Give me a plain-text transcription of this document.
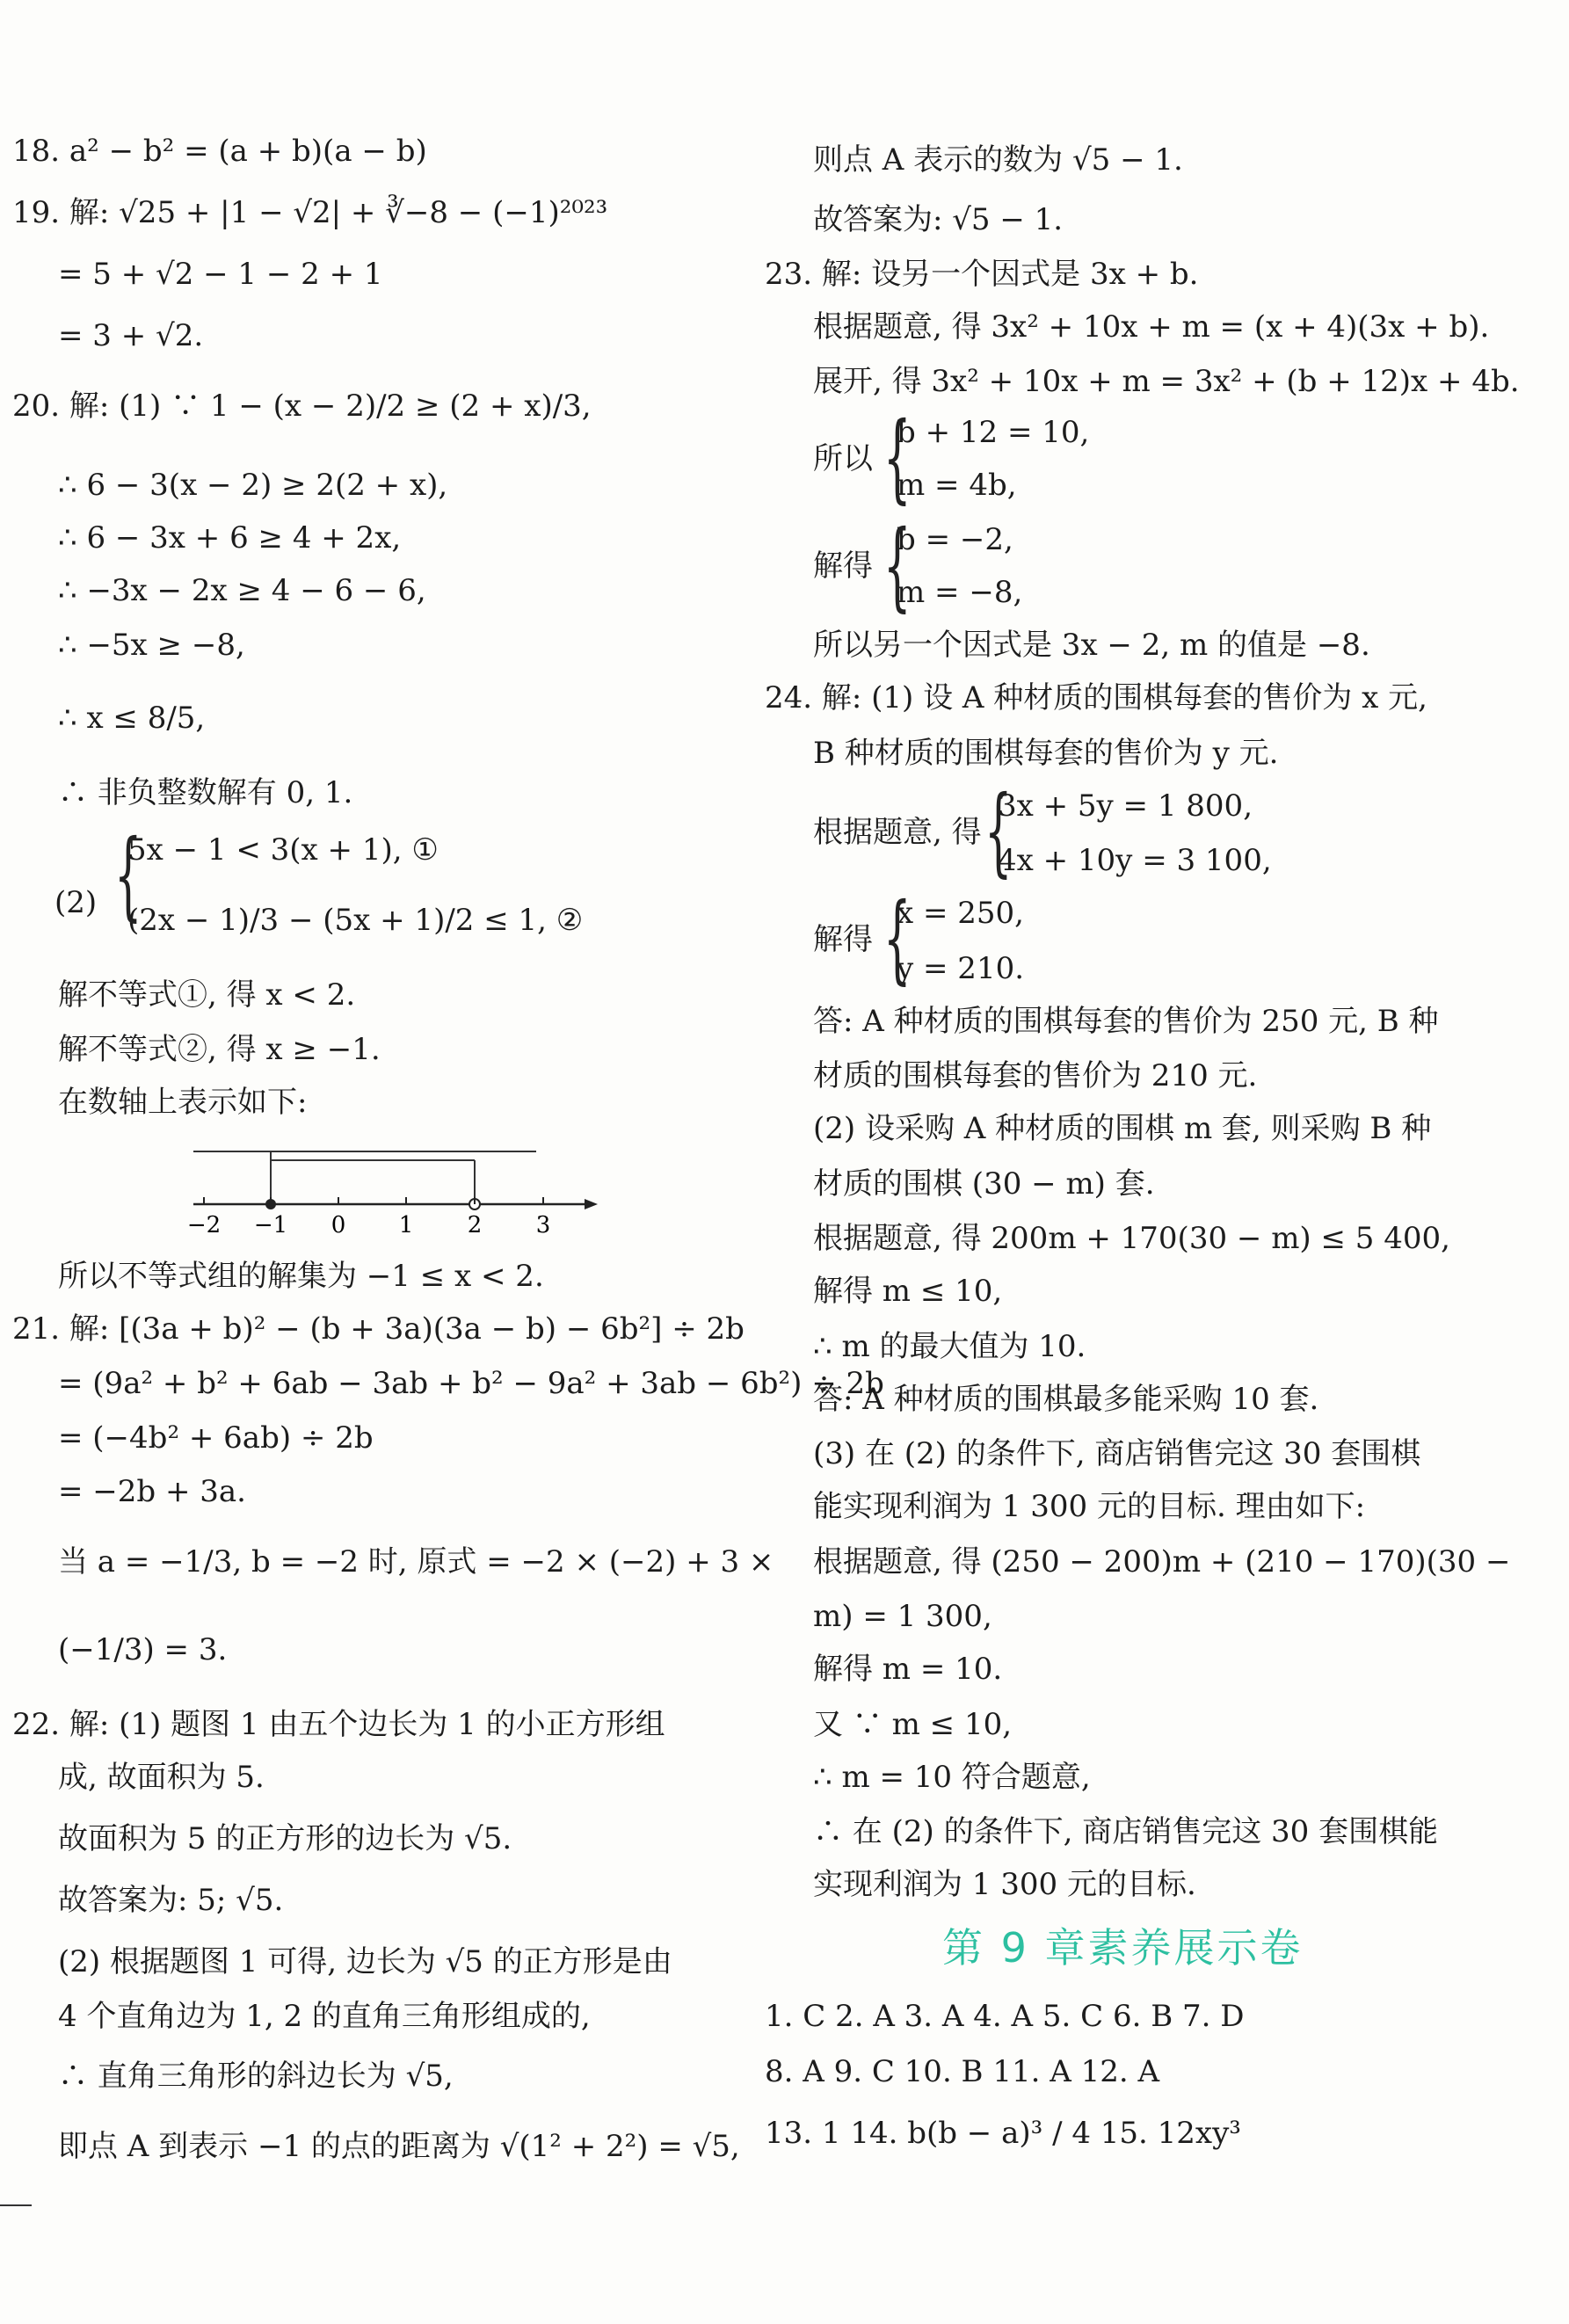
18. a² − b² = (a + b)(a − b)
19. 解: √25 + |1 − √2| + ∛−8 − (−1)²⁰²³
= 5 + √2 − 1 − 2 + 1
= 3 + √2.
20. 解: (1) ∵ 1 − (x − 2)/2 ≥ (2 + x)/3,
∴ 6 − 3(x − 2) ≥ 2(2 + x),
∴ 6 − 3x + 6 ≥ 4 + 2x,
∴ −3x − 2x ≥ 4 − 6 − 6,
∴ −5x ≥ −8,
∴ x ≤ 8/5,
∴ 非负整数解有 0, 1.
5x − 1 < 3(x + 1), ①
(2) (2x − 1)/3 − (5x + 1)/2 ≤ 1, ②
解不等式①, 得 x < 2.
解不等式②, 得 x ≥ −1.
在数轴上表示如下:
所以不等式组的解集为 −1 ≤ x < 2.
21. 解: [(3a + b)² − (b + 3a)(3a − b) − 6b²] ÷ 2b
= (9a² + b² + 6ab − 3ab + b² − 9a² + 3ab − 6b²) ÷ 2b
= (−4b² + 6ab) ÷ 2b
= −2b + 3a.
当 a = −1/3, b = −2 时, 原式 = −2 × (−2) + 3 ×
(−1/3) = 3.
22. 解: (1) 题图 1 由五个边长为 1 的小正方形组
成, 故面积为 5.
故面积为 5 的正方形的边长为 √5.
故答案为: 5; √5.
(2) 根据题图 1 可得, 边长为 √5 的正方形是由
4 个直角边为 1, 2 的直角三角形组成的,
∴ 直角三角形的斜边长为 √5,
即点 A 到表示 −1 的点的距离为 √(1² + 2²) = √5,
则点 A 表示的数为 √5 − 1.
故答案为: √5 − 1.
23. 解: 设另一个因式是 3x + b.
根据题意, 得 3x² + 10x + m = (x + 4)(3x + b).
展开, 得 3x² + 10x + m = 3x² + (b + 12)x + 4b.
b + 12 = 10,
所以
m = 4b,
b = −2,
解得
m = −8,
所以另一个因式是 3x − 2, m 的值是 −8.
24. 解: (1) 设 A 种材质的围棋每套的售价为 x 元,
B 种材质的围棋每套的售价为 y 元.
3x + 5y = 1 800,
根据题意, 得
4x + 10y = 3 100,
x = 250,
解得
y = 210.
答: A 种材质的围棋每套的售价为 250 元, B 种
材质的围棋每套的售价为 210 元.
(2) 设采购 A 种材质的围棋 m 套, 则采购 B 种
材质的围棋 (30 − m) 套.
根据题意, 得 200m + 170(30 − m) ≤ 5 400,
解得 m ≤ 10,
∴ m 的最大值为 10.
答: A 种材质的围棋最多能采购 10 套.
(3) 在 (2) 的条件下, 商店销售完这 30 套围棋
能实现利润为 1 300 元的目标. 理由如下:
根据题意, 得 (250 − 200)m + (210 − 170)(30 −
m) = 1 300,
解得 m = 10.
又 ∵ m ≤ 10,
∴ m = 10 符合题意,
∴ 在 (2) 的条件下, 商店销售完这 30 套围棋能
实现利润为 1 300 元的目标.
{
{
{
{
{
−2 −1 0 1 2 3
第 9 章素养展示卷
1. C 2. A 3. A 4. A 5. C 6. B 7. D
8. A 9. C 10. B 11. A 12. A
13. 1 14. b(b − a)³ / 4 15. 12xy³
